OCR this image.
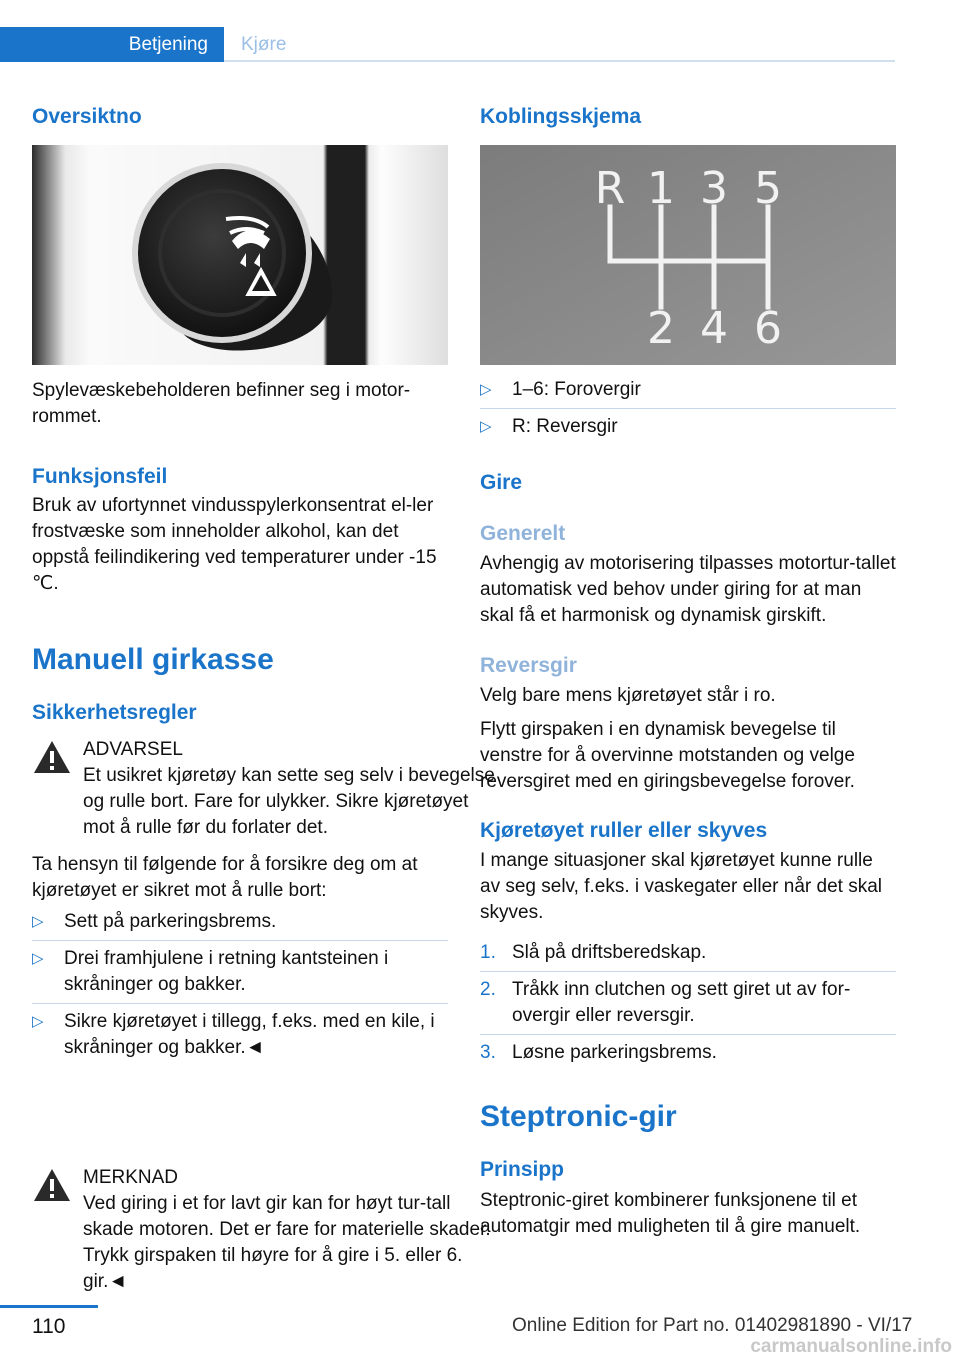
Betjening	Kjøre
Oversiktno

Spylevæskebeholderen befinner seg i motor-rommet.

Funksjonsfeil

Bruk av ufortynnet vindusspylerkonsentrat el-ler frostvæske som inneholder alkohol, kan det oppstå feilindikering ved temperaturer under -15 ℃.

Manuell girkasse
Sikkerhetsregler

ADVARSEL

Et usikret kjøretøy kan sette seg selv i bevegelse og rulle bort. Fare for ulykker. Sikre kjøretøyet mot å rulle før du forlater det.

Ta hensyn til følgende for å forsikre deg om at kjøretøyet er sikret mot å rulle bort:

▷ Sett på parkeringsbrems.
▷ Drei framhjulene i retning kantsteinen i skråninger og bakker.
▷ Sikre kjøretøyet i tillegg, f.eks. med en kile, i skråninger og bakker.◄

MERKNAD

Ved giring i et for lavt gir kan for høyt tur-tall skade motoren. Det er fare for materielle skader. Trykk girspaken til høyre for å gire i 5. eller 6. gir.◄

Koblingsskjema
R 1 3 5
2 4 6
▷ 1–6: Forovergir
▷ R: Reversgir
Gire
Generelt

Avhengig av motorisering tilpasses motortur-tallet automatisk ved behov under giring for at man skal få et harmonisk og dynamisk girskift.

Reversgir

Velg bare mens kjøretøyet står i ro.

Flytt girspaken i en dynamisk bevegelse til venstre for å overvinne motstanden og velge reversgiret med en giringsbevegelse forover.

Kjøretøyet ruller eller skyves

I mange situasjoner skal kjøretøyet kunne rulle av seg selv, f.eks. i vaskegater eller når det skal skyves.

1. Slå på driftsberedskap.
2. Tråkk inn clutchen og sett giret ut av for-overgir eller reversgir.
3. Løsne parkeringsbrems.
Steptronic-gir
Prinsipp

Steptronic-giret kombinerer funksjonene til et automatgir med muligheten til å gire manuelt.

110	Online Edition for Part no. 01402981890 - VI/17
carmanualsonline.info
